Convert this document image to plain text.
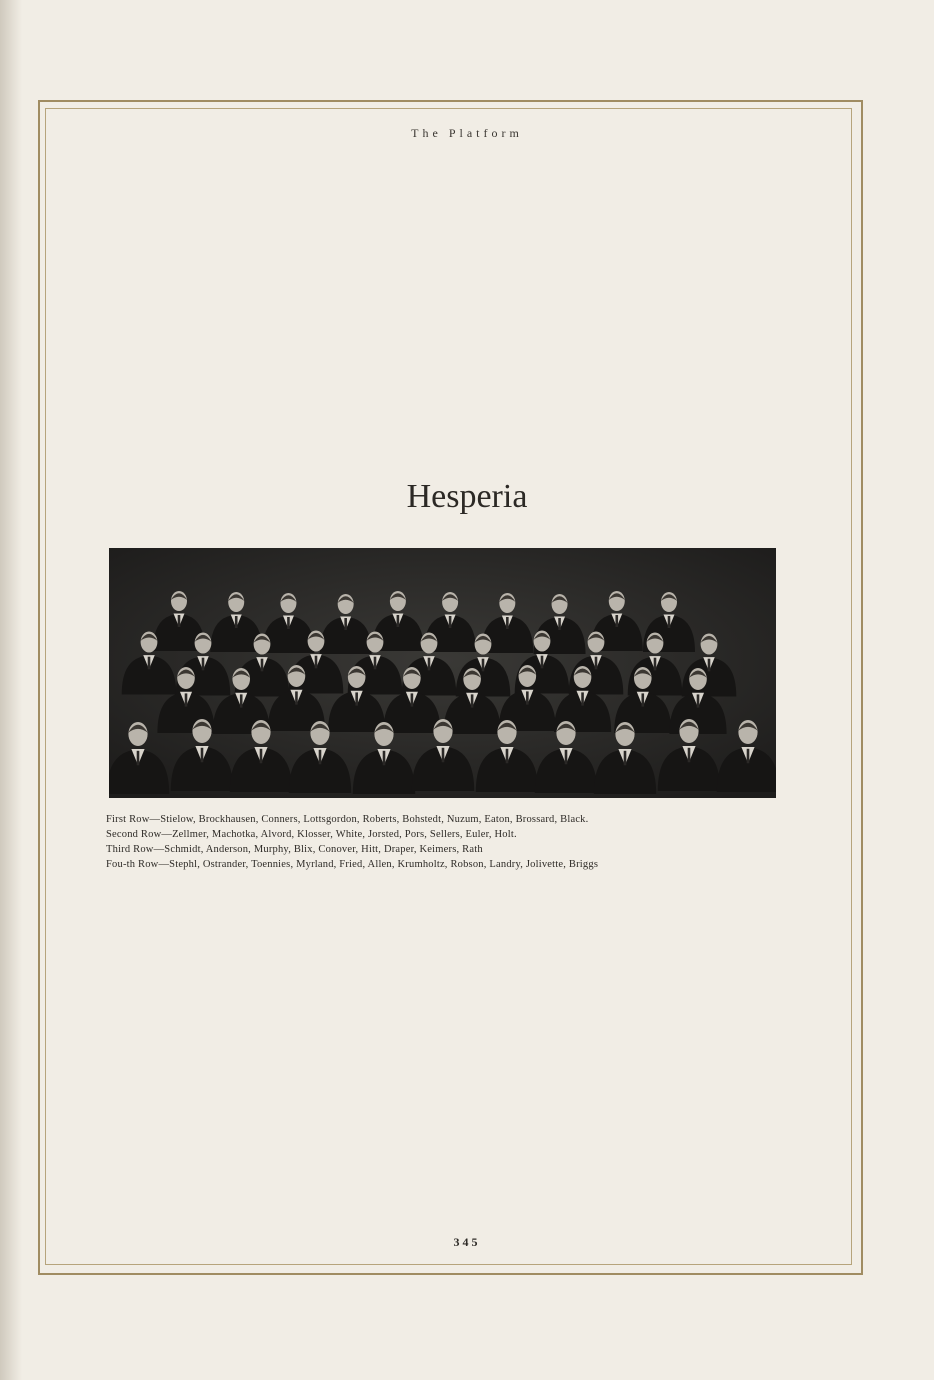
The Platform
Hesperia
First Row—Stielow, Brockhausen, Conners, Lottsgordon, Roberts, Bohstedt, Nuzum, Eaton, Brossard, Black.
Second Row—Zellmer, Machotka, Alvord, Klosser, White, Jorsted, Pors, Sellers, Euler, Holt.
Third Row—Schmidt, Anderson, Murphy, Blix, Conover, Hitt, Draper, Keimers, Rath
Fou-th Row—Stephl, Ostrander, Toennies, Myrland, Fried, Allen, Krumholtz, Robson, Landry, Jolivette, Briggs
345
